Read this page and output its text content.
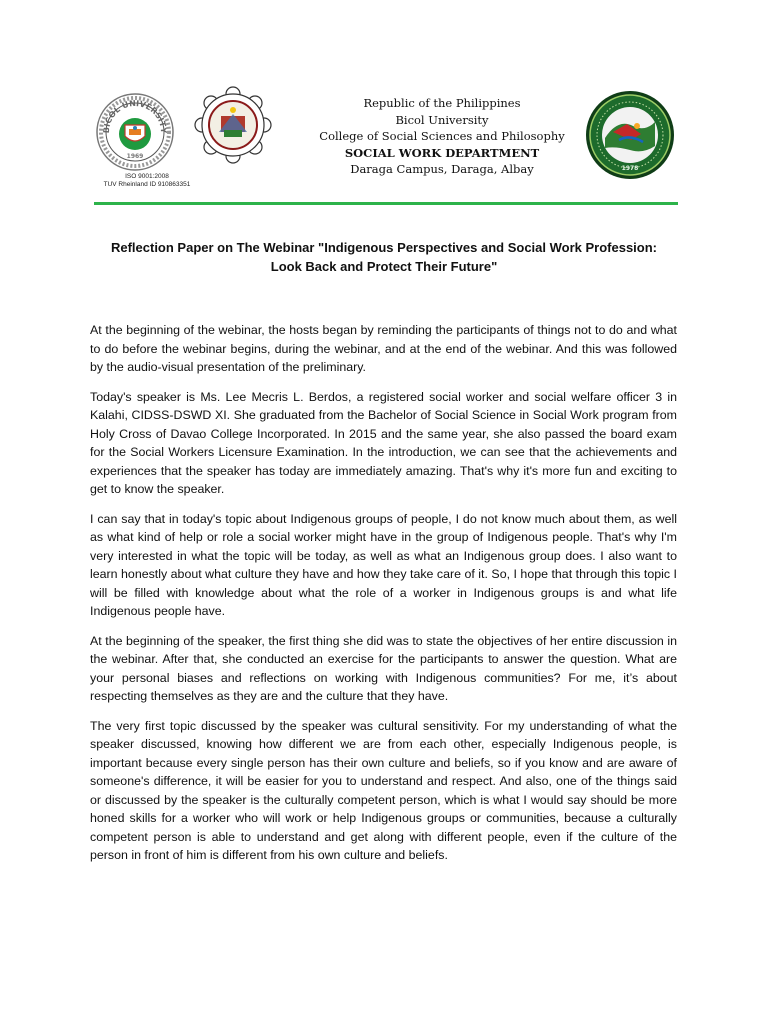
BICOL UNIVERSITY
1969
ISO 9001:2008
TUV Rheinland ID 910863351
Republic of the Philippines
Bicol University
College of Social Sciences and Philosophy
SOCIAL WORK DEPARTMENT
Daraga Campus, Daraga, Albay	1978
Reflection Paper on The Webinar "Indigenous Perspectives and Social Work Profession:
Look Back and Protect Their Future"

At the beginning of the webinar, the hosts began by reminding the participants of things not to do and what to do before the webinar begins, during the webinar, and at the end of the webinar. And this was followed by the audio-visual presentation of the preliminary.

Today's speaker is Ms. Lee Mecris L. Berdos, a registered social worker and social welfare officer 3 in Kalahi, CIDSS-DSWD XI. She graduated from the Bachelor of Social Science in Social Work program from Holy Cross of Davao College Incorporated. In 2015 and the same year, she also passed the board exam for the Social Workers Licensure Examination. In the introduction, we can see that the achievements and experiences that the speaker has today are immediately amazing. That's why it's more fun and exciting to get to know the speaker.

I can say that in today's topic about Indigenous groups of people, I do not know much about them, as well as what kind of help or role a social worker might have in the group of Indigenous people. That's why I'm very interested in what the topic will be today, as well as what an Indigenous group does. I also want to learn honestly about what culture they have and how they take care of it. So, I hope that through this topic I will be filled with knowledge about what the role of a worker in Indigenous groups is and what life Indigenous people have.

At the beginning of the speaker, the first thing she did was to state the objectives of her entire discussion in the webinar. After that, she conducted an exercise for the participants to answer the question. What are your personal biases and reflections on working with Indigenous communities? For me, it’s about respecting themselves as they are and the culture that they have.

The very first topic discussed by the speaker was cultural sensitivity. For my understanding of what the speaker discussed, knowing how different we are from each other, especially Indigenous people, is important because every single person has their own culture and beliefs, so if you know and are aware of someone's difference, it will be easier for you to understand and respect. And also, one of the things said or discussed by the speaker is the culturally competent person, which is what I would say should be more honed skills for a worker who will work or help Indigenous groups or communities, because a culturally competent person is able to understand and get along with different people, even if the culture of the person in front of him is different from his own culture and beliefs.
